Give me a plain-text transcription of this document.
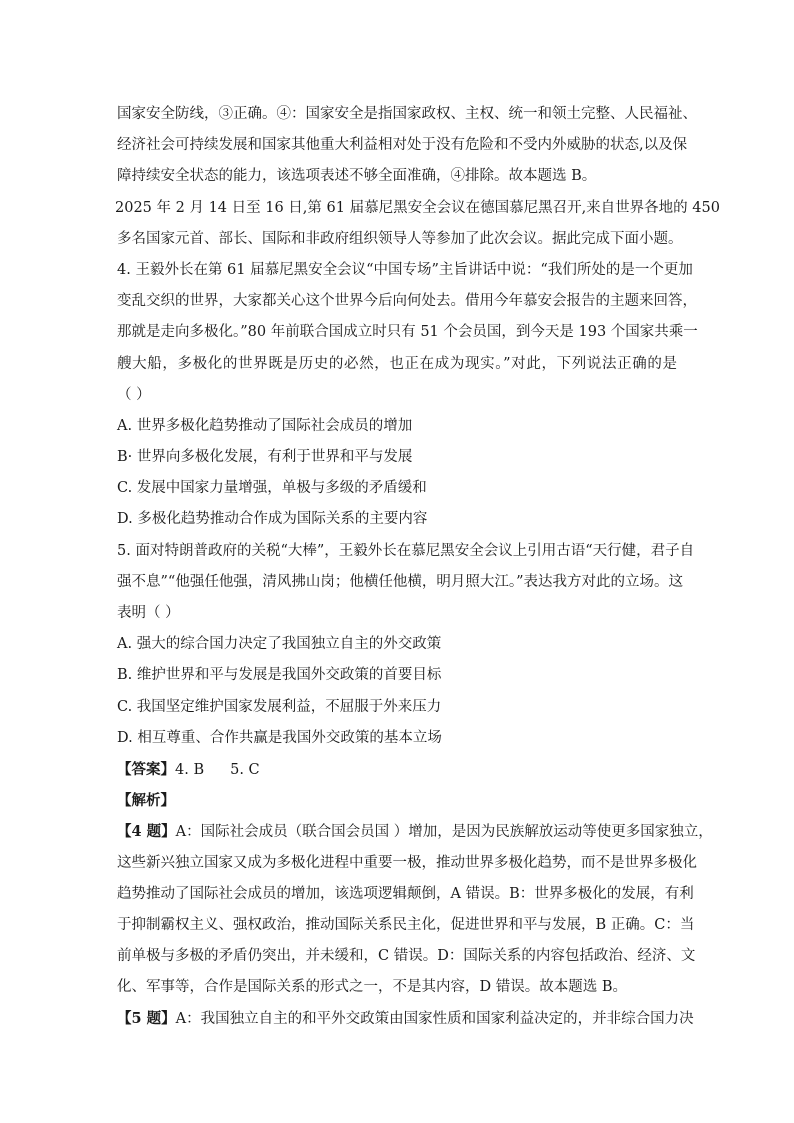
国家安全防线，③正确。④：国家安全是指国家政权、主权、统一和领土完整、人民福祉、
经济社会可持续发展和国家其他重大利益相对处于没有危险和不受内外威胁的状态,以及保
障持续安全状态的能力，该选项表述不够全面准确，④排除。故本题选 B。
2025 年 2 月 14 日至 16 日,第 61 届慕尼黑安全会议在德国慕尼黑召开,来自世界各地的 450
多名国家元首、部长、国际和非政府组织领导人等参加了此次会议。据此完成下面小题。
4. 王毅外长在第 61 届慕尼黑安全会议“中国专场”主旨讲话中说：“我们所处的是一个更加
变乱交织的世界，大家都关心这个世界今后向何处去。借用今年慕安会报告的主题来回答，
那就是走向多极化。”80 年前联合国成立时只有 51 个会员国，到今天是 193 个国家共乘一
艘大船，多极化的世界既是历史的必然，也正在成为现实。”对此，下列说法正确的是
（ ）
A. 世界多极化趋势推动了国际社会成员的增加
B· 世界向多极化发展，有利于世界和平与发展
C. 发展中国家力量增强，单极与多级的矛盾缓和
D. 多极化趋势推动合作成为国际关系的主要内容
5. 面对特朗普政府的关税“大棒”，王毅外长在慕尼黑安全会议上引用古语“天行健，君子自
强不息”“他强任他强，清风拂山岗；他横任他横，明月照大江。”表达我方对此的立场。这
表明（ ）
A. 强大的综合国力决定了我国独立自主的外交政策
B. 维护世界和平与发展是我国外交政策的首要目标
C. 我国坚定维护国家发展利益，不屈服于外来压力
D. 相互尊重、合作共赢是我国外交政策的基本立场
【答案】4. B 5. C
【解析】
【4 题】A：国际社会成员（联合国会员国 ）增加，是因为民族解放运动等使更多国家独立，
这些新兴独立国家又成为多极化进程中重要一极，推动世界多极化趋势，而不是世界多极化
趋势推动了国际社会成员的增加，该选项逻辑颠倒，A 错误。B：世界多极化的发展，有利
于抑制霸权主义、强权政治，推动国际关系民主化，促进世界和平与发展，B 正确。C：当
前单极与多极的矛盾仍突出，并未缓和，C 错误。D：国际关系的内容包括政治、经济、文
化、军事等，合作是国际关系的形式之一，不是其内容，D 错误。故本题选 B。
【5 题】A：我国独立自主的和平外交政策由国家性质和国家利益决定的，并非综合国力决
